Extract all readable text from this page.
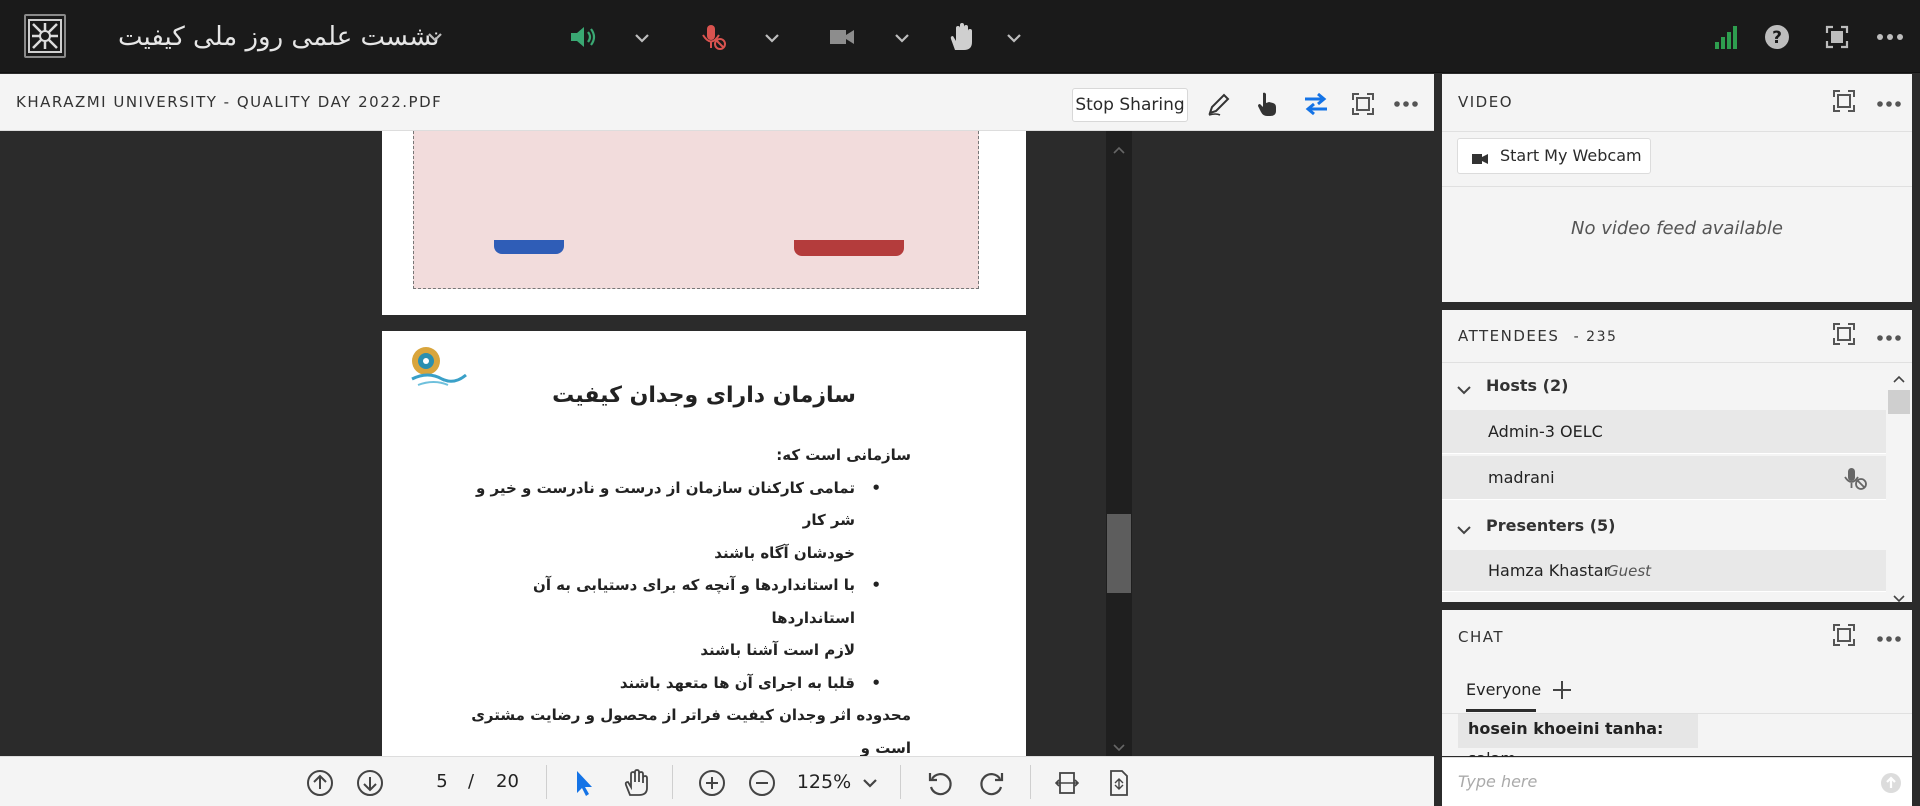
نشست علمی روز ملی کیفیت	?
KHARAZMI UNIVERSITY - QUALITY DAY 2022.PDF	Stop Sharing
سازمان دارای وجدان کیفیت
سازمانی است که:
• تمامی کارکنان سازمان از درست و نادرست و خیر و شر کار
خودشان آگاه باشند
• با استانداردها و آنچه که برای دستیابی به آن استانداردها
لازم است آشنا باشند
• قلبا به اجرای آن ها متعهد باشند
محدوده اثر وجدان کیفیت فراتر از محصول و رضایت مشتری است و
5	/	20	125%
VIDEO
Start My Webcam
No video feed available
ATTENDEES - 235
Hosts (2)
Admin-3 OELC
madrani
Presenters (5)
Hamza Khastar
Guest
CHAT
Everyone
hosein khoeini tanha:
Type here
